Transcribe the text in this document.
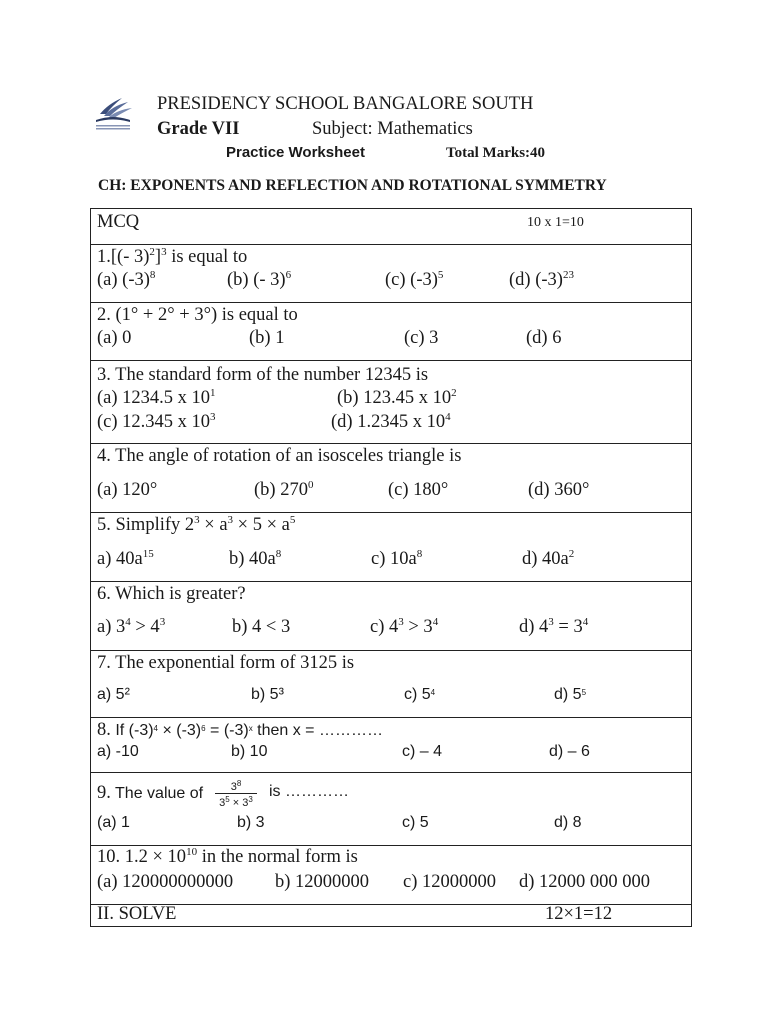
PRESIDENCY SCHOOL BANGALORE SOUTH
Grade VII	Subject: Mathematics
Practice Worksheet	Total Marks:40
CH: EXPONENTS AND REFLECTION AND ROTATIONAL SYMMETRY
MCQ	10 x 1=10
1.[(- 3)$^2$]$^3$ is equal to
(a) $(-3)^8$	(b) (- 3)$^6$	(c) $(-3)^5$	(d) $(-3)^{23}$
2. (1° + 2° + 3°) is equal to
(a) 0	(b) 1	(c) 3	(d) 6
3. The standard form of the number 12345 is
(a) 1234.5 x $10^1$	(b) 123.45 x $10^2$
(c) 12.345 x $10^3$	(d) 1.2345 x $10^4$
4. The angle of rotation of an isosceles triangle is
(a) 120°	(b) $270^0$	(c) 180°	(d) 360°
5. Simplify $2^3 \times a^3 \times 5 \times a^5$
a) $40a^{15}$	b) $40a^8$	c) $10a^8$	d) $40a^2$
6. Which is greater?
a) $3^4 > 4^3$	b) 4 < 3	c) $4^3 > 3^4$	d) $4^3 = 3^4$
7. The exponential form of 3125 is
a) 5²	b) 5³	c) $5^4$	d) $5^5$
8. If $(-3)^4 \times (-3)^6 = (-3)^x$ then x = …………
a) -10	b) 10	c) – 4	d) – 6
9. The value of $\frac{3^8}{3^5 \times 3^3}$ is …………
(a) 1	b) 3	c) 5	d) 8
10. $1.2 \times 10^{10}$ in the normal form is
(a) 120000000000 b) 12000000 c) 12000000 d) 12000 000 000
II. SOLVE	12×1=12
